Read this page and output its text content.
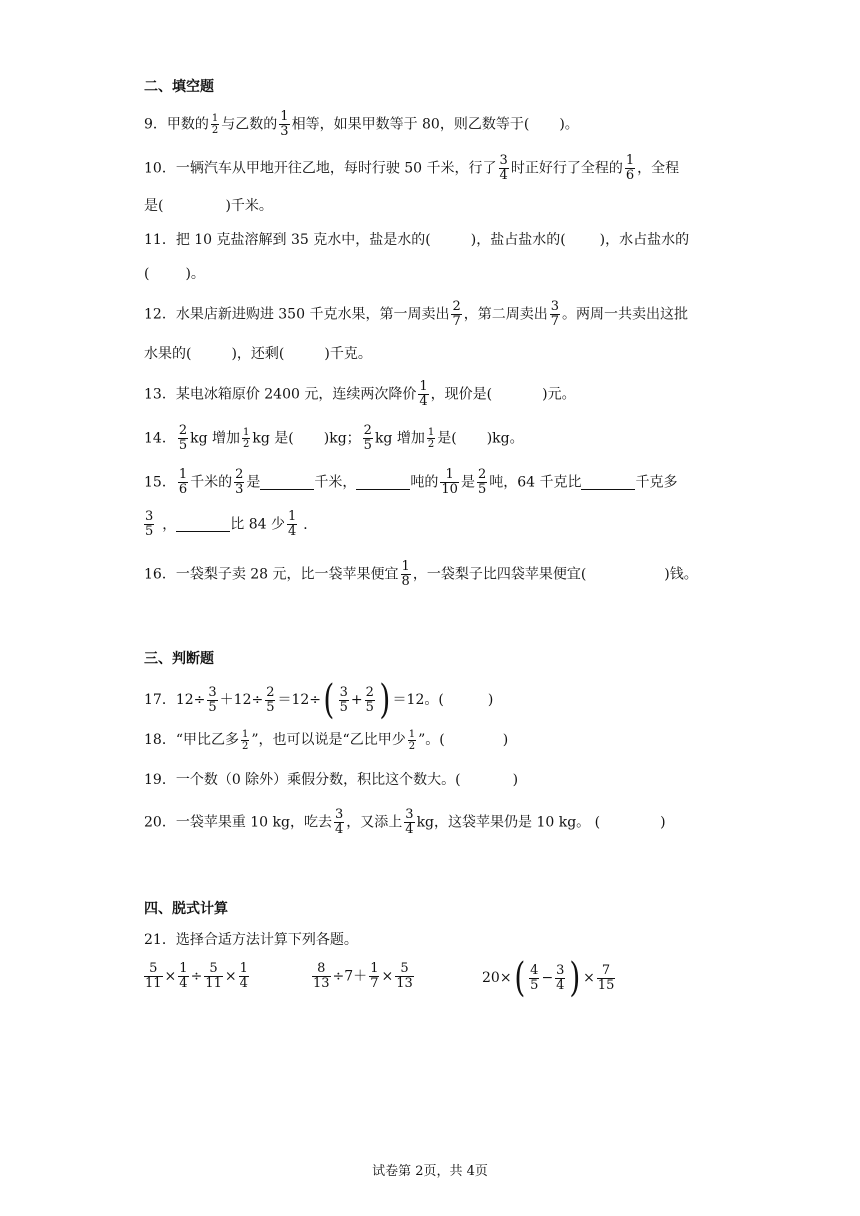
二、填空题
9．甲数的 $\frac{1}{2}$ 与乙数的 $\frac{1}{3}$ 相等，如果甲数等于 80，则乙数等于( )。
10．一辆汽车从甲地开往乙地，每时行驶 50 千米，行了 $\frac{3}{4}$ 时正好行了全程的 $\frac{1}{6}$ ，全程
是(	)千米。
11．把 10 克盐溶解到 35 克水中，盐是水的(	)，盐占盐水的( )，水占盐水的
(	)。
12．水果店新进购进 350 千克水果，第一周卖出 $\frac{2}{7}$ ，第二周卖出 $\frac{3}{7}$ 。两周一共卖出这批
水果的(	)，还剩(	)千克。
13．某电冰箱原价 2400 元，连续两次降价 $\frac{1}{4}$ ，现价是(	)元。
14． $\frac{2}{5}$ kg 增加 $\frac{1}{2}$ kg 是( )kg； $\frac{2}{5}$ kg 增加 $\frac{1}{2}$ 是( )kg。
15． $\frac{1}{6}$ 千米的 $\frac{2}{3}$ 是	千米，	吨的 $\frac{1}{10}$ 是 $\frac{2}{5}$ 吨，64 千克比	千克多
$\frac{3}{5}$ ，	比 84 少 $\frac{1}{4}$ ．
16．一袋梨子卖 28 元，比一袋苹果便宜 $\frac{1}{8}$ ，一袋梨子比四袋苹果便宜(	)钱。
三、判断题
17．$12\div \frac{3}{5} +12\div \frac{2}{5} =12\div( \frac{3}{5} + \frac{2}{5}$ ) ＝12。(	)
18．“甲比乙多 $\frac{1}{2}$ ”，也可以说是“乙比甲少 $\frac{1}{2}$ ”。(	)
19．一个数（0 除外）乘假分数，积比这个数大。(	)
20．一袋苹果重 10 kg，吃去 $\frac{3}{4}$ ，又添上 $\frac{3}{4}$ kg，这袋苹果仍是 10 kg。 (	)
四、脱式计算
21．选择合适方法计算下列各题。
$\frac{5}{11} \times \frac{1}{4} \div \frac{5}{11} \times \frac{1}{4}$	$\frac{8}{13} \div 7+ \frac{1}{7} \times \frac{5}{13}$	$20\times( \frac{4}{5} - \frac{3}{4}$ ) × $\frac{7}{15}$
试卷第 2页，共 4页
